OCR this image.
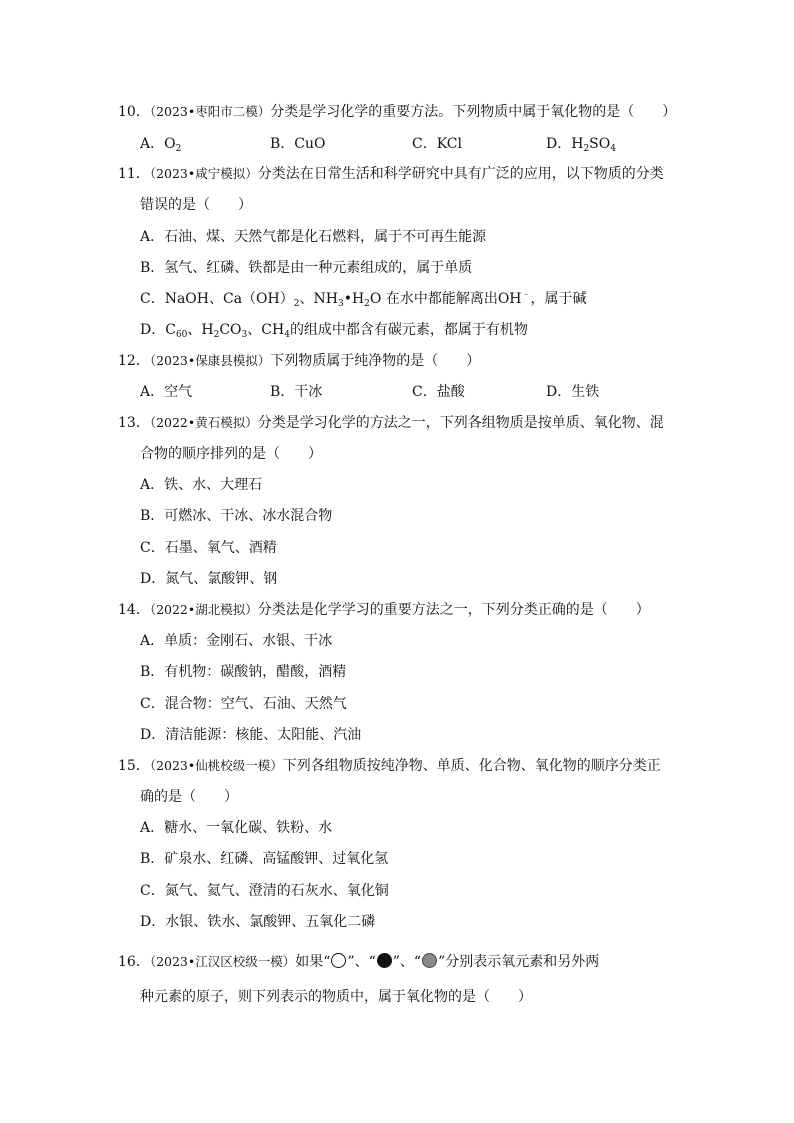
10．（2023•枣阳市二模）分类是学习化学的重要方法。下列物质中属于氧化物的是（　　）
A．$O_2$	B．CuO	C．KCl	D．$H_2SO_4$
11．（2023•咸宁模拟）分类法在日常生活和科学研究中具有广泛的应用，以下物质的分类
错误的是（　　）
A．石油、煤、天然气都是化石燃料，属于不可再生能源
B．氢气、红磷、铁都是由一种元素组成的，属于单质
C．NaOH、$Ca(OH)_2$、$NH_3•H_2O$ 在水中都能解离出OH﹣，属于碱
D．$C_{60}$、$H_2CO_3$、$CH_4$的组成中都含有碳元素，都属于有机物
12．（2023•保康县模拟）下列物质属于纯净物的是（　　）
A．空气	B．干冰	C．盐酸	D．生铁
13．（2022•黄石模拟）分类是学习化学的方法之一，下列各组物质是按单质、氧化物、混
合物的顺序排列的是（　　）
A．铁、水、大理石
B．可燃冰、干冰、冰水混合物
C．石墨、氧气、酒精
D．氮气、氯酸钾、钢
14．（2022•湖北模拟）分类法是化学学习的重要方法之一，下列分类正确的是（　　）
A．单质：金刚石、水银、干冰
B．有机物：碳酸钠，醋酸，酒精
C．混合物：空气、石油、天然气
D．清洁能源：核能、太阳能、汽油
15．（2023•仙桃校级一模）下列各组物质按纯净物、单质、化合物、氧化物的顺序分类正
确的是（　　）
A．糖水、一氧化碳、铁粉、水
B．矿泉水、红磷、高锰酸钾、过氧化氢
C．氮气、氦气、澄清的石灰水、氧化铜
D．水银、铁水、氯酸钾、五氧化二磷
16．（2023•江汉区校级一模）如果“ ”、“ ”、“ ”分别表示氧元素和另外两
种元素的原子，则下列表示的物质中，属于氧化物的是（　　）
